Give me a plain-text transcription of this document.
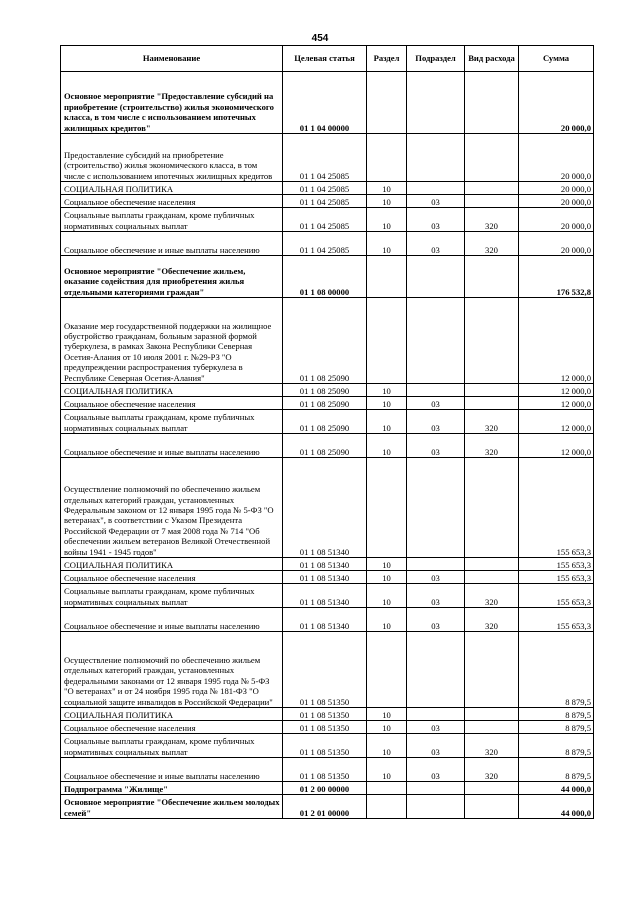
454
Наименование	Целевая статья	Раздел	Подраздел	Вид расхода	Сумма
Основное мероприятие "Предоставление субсидий на приобретение (строительство) жилья экономического класса, в том числе с использованием ипотечных жилищных кредитов"	01 1 04 00000				20 000,0
Предоставление субсидий на приобретение (строительство) жилья экономического класса, в том числе с использованием ипотечных жилищных кредитов	01 1 04 25085				20 000,0
СОЦИАЛЬНАЯ ПОЛИТИКА	01 1 04 25085	10			20 000,0
Социальное обеспечение населения	01 1 04 25085	10	03		20 000,0
Социальные выплаты гражданам, кроме публичных нормативных социальных выплат	01 1 04 25085	10	03	320	20 000,0
Социальное обеспечение и иные выплаты населению	01 1 04 25085	10	03	320	20 000,0
Основное мероприятие "Обеспечение жильем, оказание содействия для приобретения жилья отдельными категориями граждан"	01 1 08 00000				176 532,8
Оказание мер государственной поддержки на жилищное обустройство гражданам, больным заразной формой туберкулеза, в рамках Закона Республики Северная Осетия-Алания от 10 июля 2001 г. №29-РЗ "О предупреждении распространения туберкулеза в Республике Северная Осетия-Алания"	01 1 08 25090				12 000,0
СОЦИАЛЬНАЯ ПОЛИТИКА	01 1 08 25090	10			12 000,0
Социальное обеспечение населения	01 1 08 25090	10	03		12 000,0
Социальные выплаты гражданам, кроме публичных нормативных социальных выплат	01 1 08 25090	10	03	320	12 000,0
Социальное обеспечение и иные выплаты населению	01 1 08 25090	10	03	320	12 000,0
Осуществление полномочий по обеспечению жильем отдельных категорий граждан, установленных Федеральным законом от 12 января 1995 года № 5-ФЗ "О ветеранах", в соответствии с Указом Президента Российской Федерации от 7 мая 2008 года № 714 "Об обеспечении жильем ветеранов Великой Отечественной войны 1941 - 1945 годов"	01 1 08 51340				155 653,3
СОЦИАЛЬНАЯ ПОЛИТИКА	01 1 08 51340	10			155 653,3
Социальное обеспечение населения	01 1 08 51340	10	03		155 653,3
Социальные выплаты гражданам, кроме публичных нормативных социальных выплат	01 1 08 51340	10	03	320	155 653,3
Социальное обеспечение и иные выплаты населению	01 1 08 51340	10	03	320	155 653,3
Осуществление полномочий по обеспечению жильем отдельных категорий граждан, установленных федеральными законами от 12 января 1995 года № 5-ФЗ "О ветеранах" и от 24 ноября 1995 года № 181-ФЗ "О социальной защите инвалидов в Российской Федерации"	01 1 08 51350				8 879,5
СОЦИАЛЬНАЯ ПОЛИТИКА	01 1 08 51350	10			8 879,5
Социальное обеспечение населения	01 1 08 51350	10	03		8 879,5
Социальные выплаты гражданам, кроме публичных нормативных социальных выплат	01 1 08 51350	10	03	320	8 879,5
Социальное обеспечение и иные выплаты населению	01 1 08 51350	10	03	320	8 879,5
Подпрограмма "Жилище"	01 2 00 00000				44 000,0
Основное мероприятие "Обеспечение жильем молодых семей"	01 2 01 00000				44 000,0
